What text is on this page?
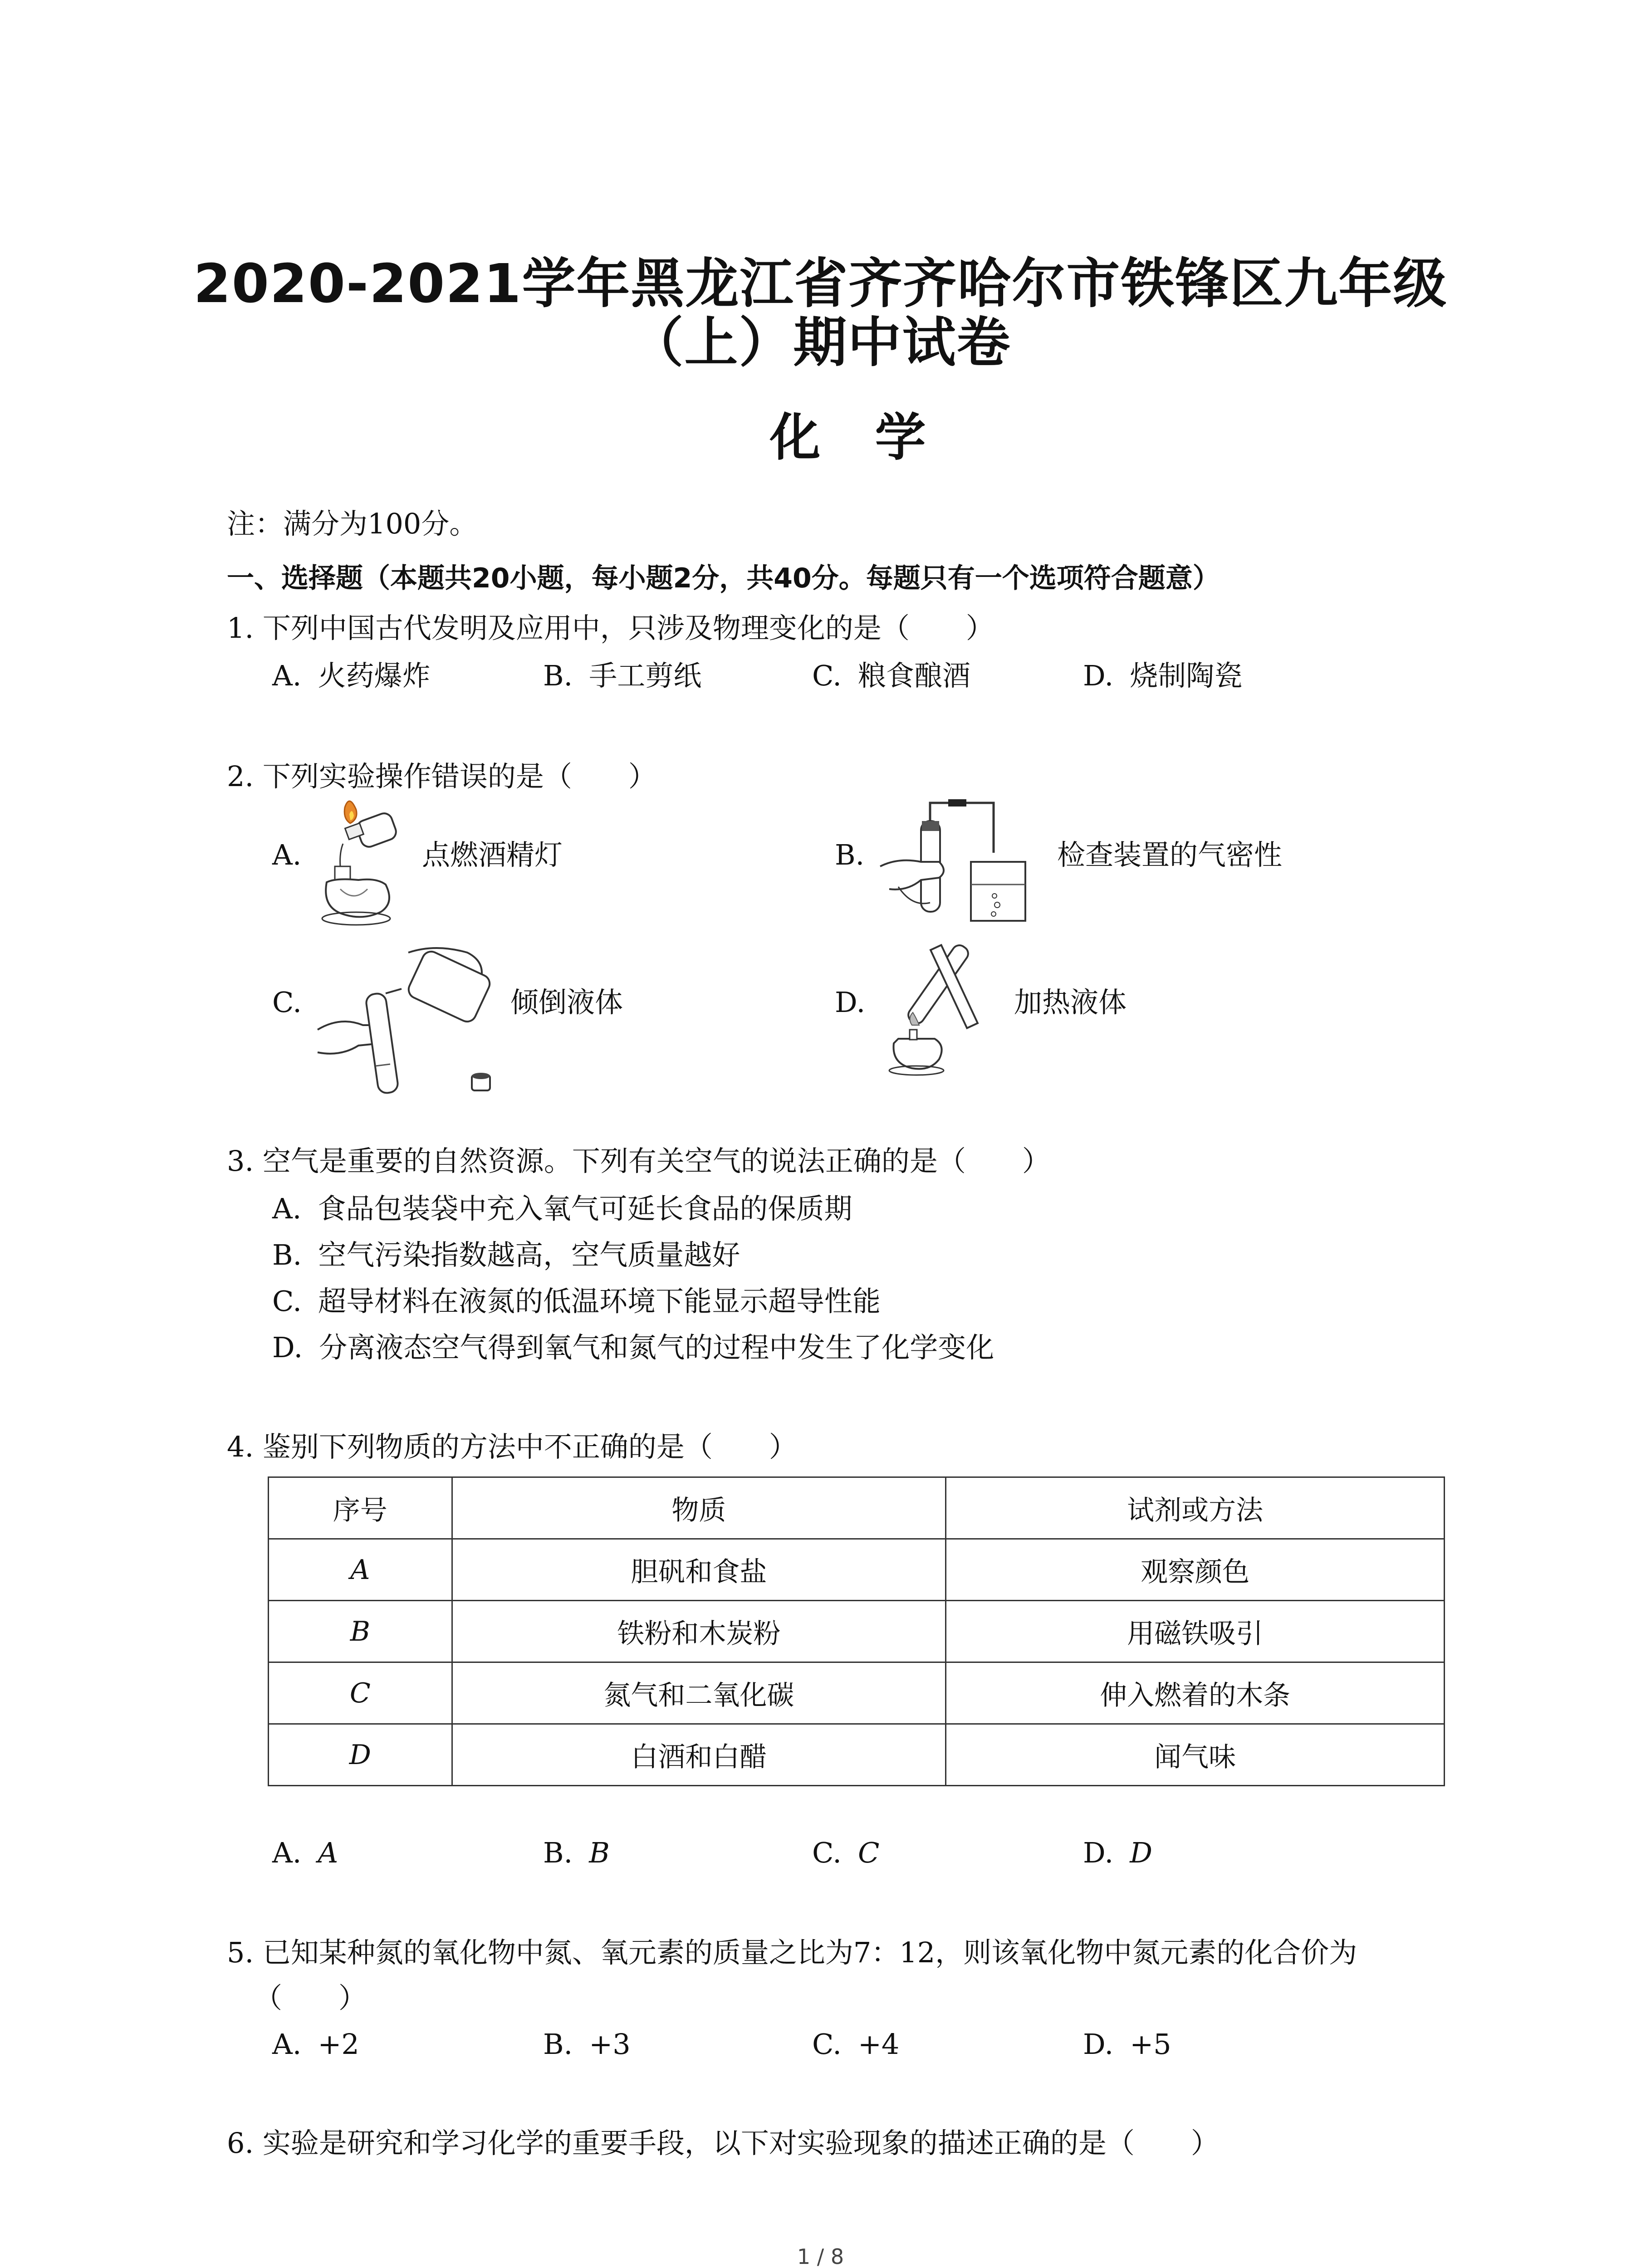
2020-2021学年黑龙江省齐齐哈尔市铁锋区九年级
（上）期中试卷
化学
注：满分为100分。
一、选择题（本题共20小题，每小题2分，共40分。每题只有一个选项符合题意）
1. 下列中国古代发明及应用中，只涉及物理变化的是（　　）
A. 火药爆炸	B. 手工剪纸	C. 粮食酿酒	D. 烧制陶瓷
2. 下列实验操作错误的是（　　）
A.	点燃酒精灯	B.	检查装置的气密性
C.	倾倒液体	D.	加热液体
3. 空气是重要的自然资源。下列有关空气的说法正确的是（　　）
A. 食品包装袋中充入氧气可延长食品的保质期
B. 空气污染指数越高，空气质量越好
C. 超导材料在液氮的低温环境下能显示超导性能
D. 分离液态空气得到氧气和氮气的过程中发生了化学变化
4. 鉴别下列物质的方法中不正确的是（　　）
序号	物质	试剂或方法
A	胆矾和食盐	观察颜色
B	铁粉和木炭粉	用磁铁吸引
C	氮气和二氧化碳	伸入燃着的木条
D	白酒和白醋	闻气味
A. A	B. B	C. C	D. D
5. 已知某种氮的氧化物中氮、氧元素的质量之比为7：12，则该氧化物中氮元素的化合价为
（　　）
A. +2	B. +3	C. +4	D. +5
6. 实验是研究和学习化学的重要手段，以下对实验现象的描述正确的是（　　）
1 / 8
